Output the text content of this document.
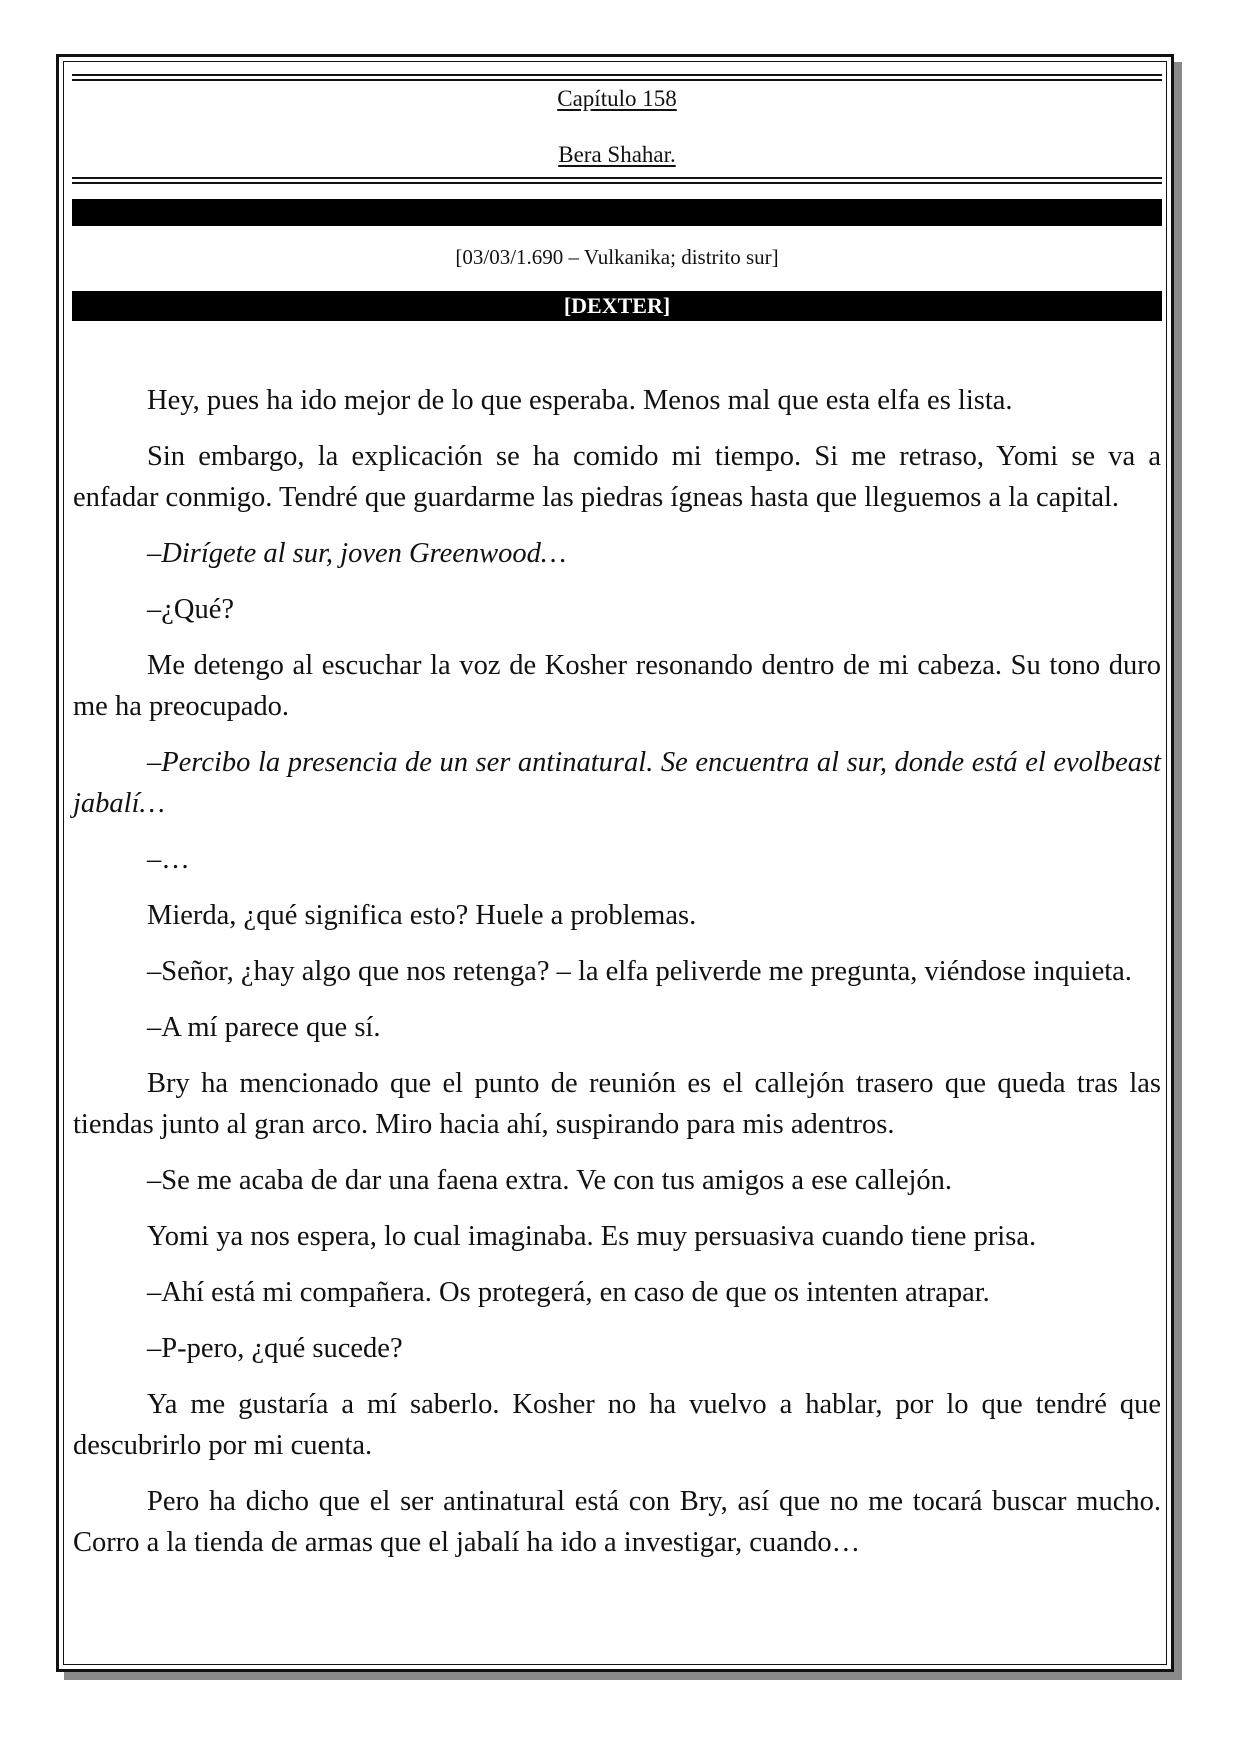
Capítulo 158
Bera Shahar.
[03/03/1.690 – Vulkanika; distrito sur]
[DEXTER]

Hey, pues ha ido mejor de lo que esperaba. Menos mal que esta elfa es lista.

Sin embargo, la explicación se ha comido mi tiempo. Si me retraso, Yomi se va a enfadar conmigo. Tendré que guardarme las piedras ígneas hasta que lleguemos a la capital.

–Dirígete al sur, joven Greenwood…

–¿Qué?

Me detengo al escuchar la voz de Kosher resonando dentro de mi cabeza. Su tono duro me ha preocupado.

–Percibo la presencia de un ser antinatural. Se encuentra al sur, donde está el evolbeast jabalí…

–…

Mierda, ¿qué significa esto? Huele a problemas.

–Señor, ¿hay algo que nos retenga? – la elfa peliverde me pregunta, viéndose inquieta.

–A mí parece que sí.

Bry ha mencionado que el punto de reunión es el callejón trasero que queda tras las tiendas junto al gran arco. Miro hacia ahí, suspirando para mis adentros.

–Se me acaba de dar una faena extra. Ve con tus amigos a ese callejón.

Yomi ya nos espera, lo cual imaginaba. Es muy persuasiva cuando tiene prisa.

–Ahí está mi compañera. Os protegerá, en caso de que os intenten atrapar.

–P-pero, ¿qué sucede?

Ya me gustaría a mí saberlo. Kosher no ha vuelvo a hablar, por lo que tendré que descubrirlo por mi cuenta.

Pero ha dicho que el ser antinatural está con Bry, así que no me tocará buscar mucho. Corro a la tienda de armas que el jabalí ha ido a investigar, cuando…
